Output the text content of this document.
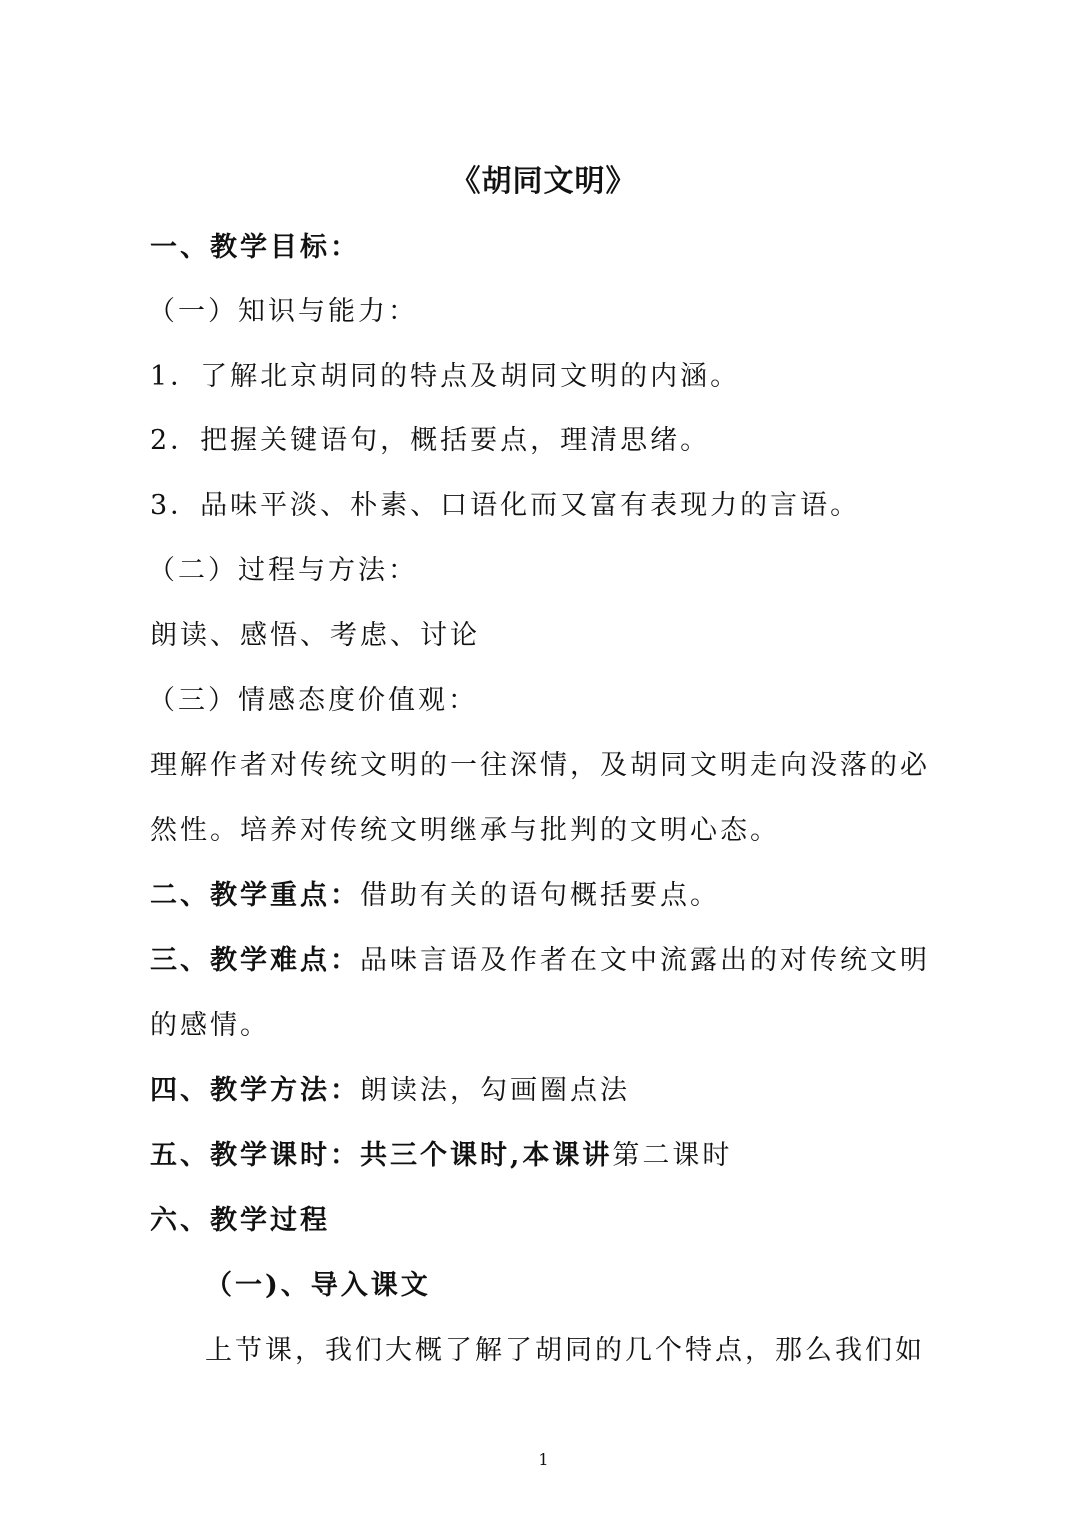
《胡同文明》
一、教学目标：
（一）知识与能力：
1．了解北京胡同的特点及胡同文明的内涵。
2．把握关键语句，概括要点，理清思绪。
3．品味平淡、朴素、口语化而又富有表现力的言语。
（二）过程与方法：
朗读、感悟、考虑、讨论
（三）情感态度价值观：
理解作者对传统文明的一往深情，及胡同文明走向没落的必
然性。培养对传统文明继承与批判的文明心态。
二、教学重点：借助有关的语句概括要点。
三、教学难点：品味言语及作者在文中流露出的对传统文明
的感情。
四、教学方法：朗读法，勾画圈点法
五、教学课时：共三个课时,本课讲第二课时
六、教学过程
（一)、导入课文
上节课，我们大概了解了胡同的几个特点，那么我们如
1
